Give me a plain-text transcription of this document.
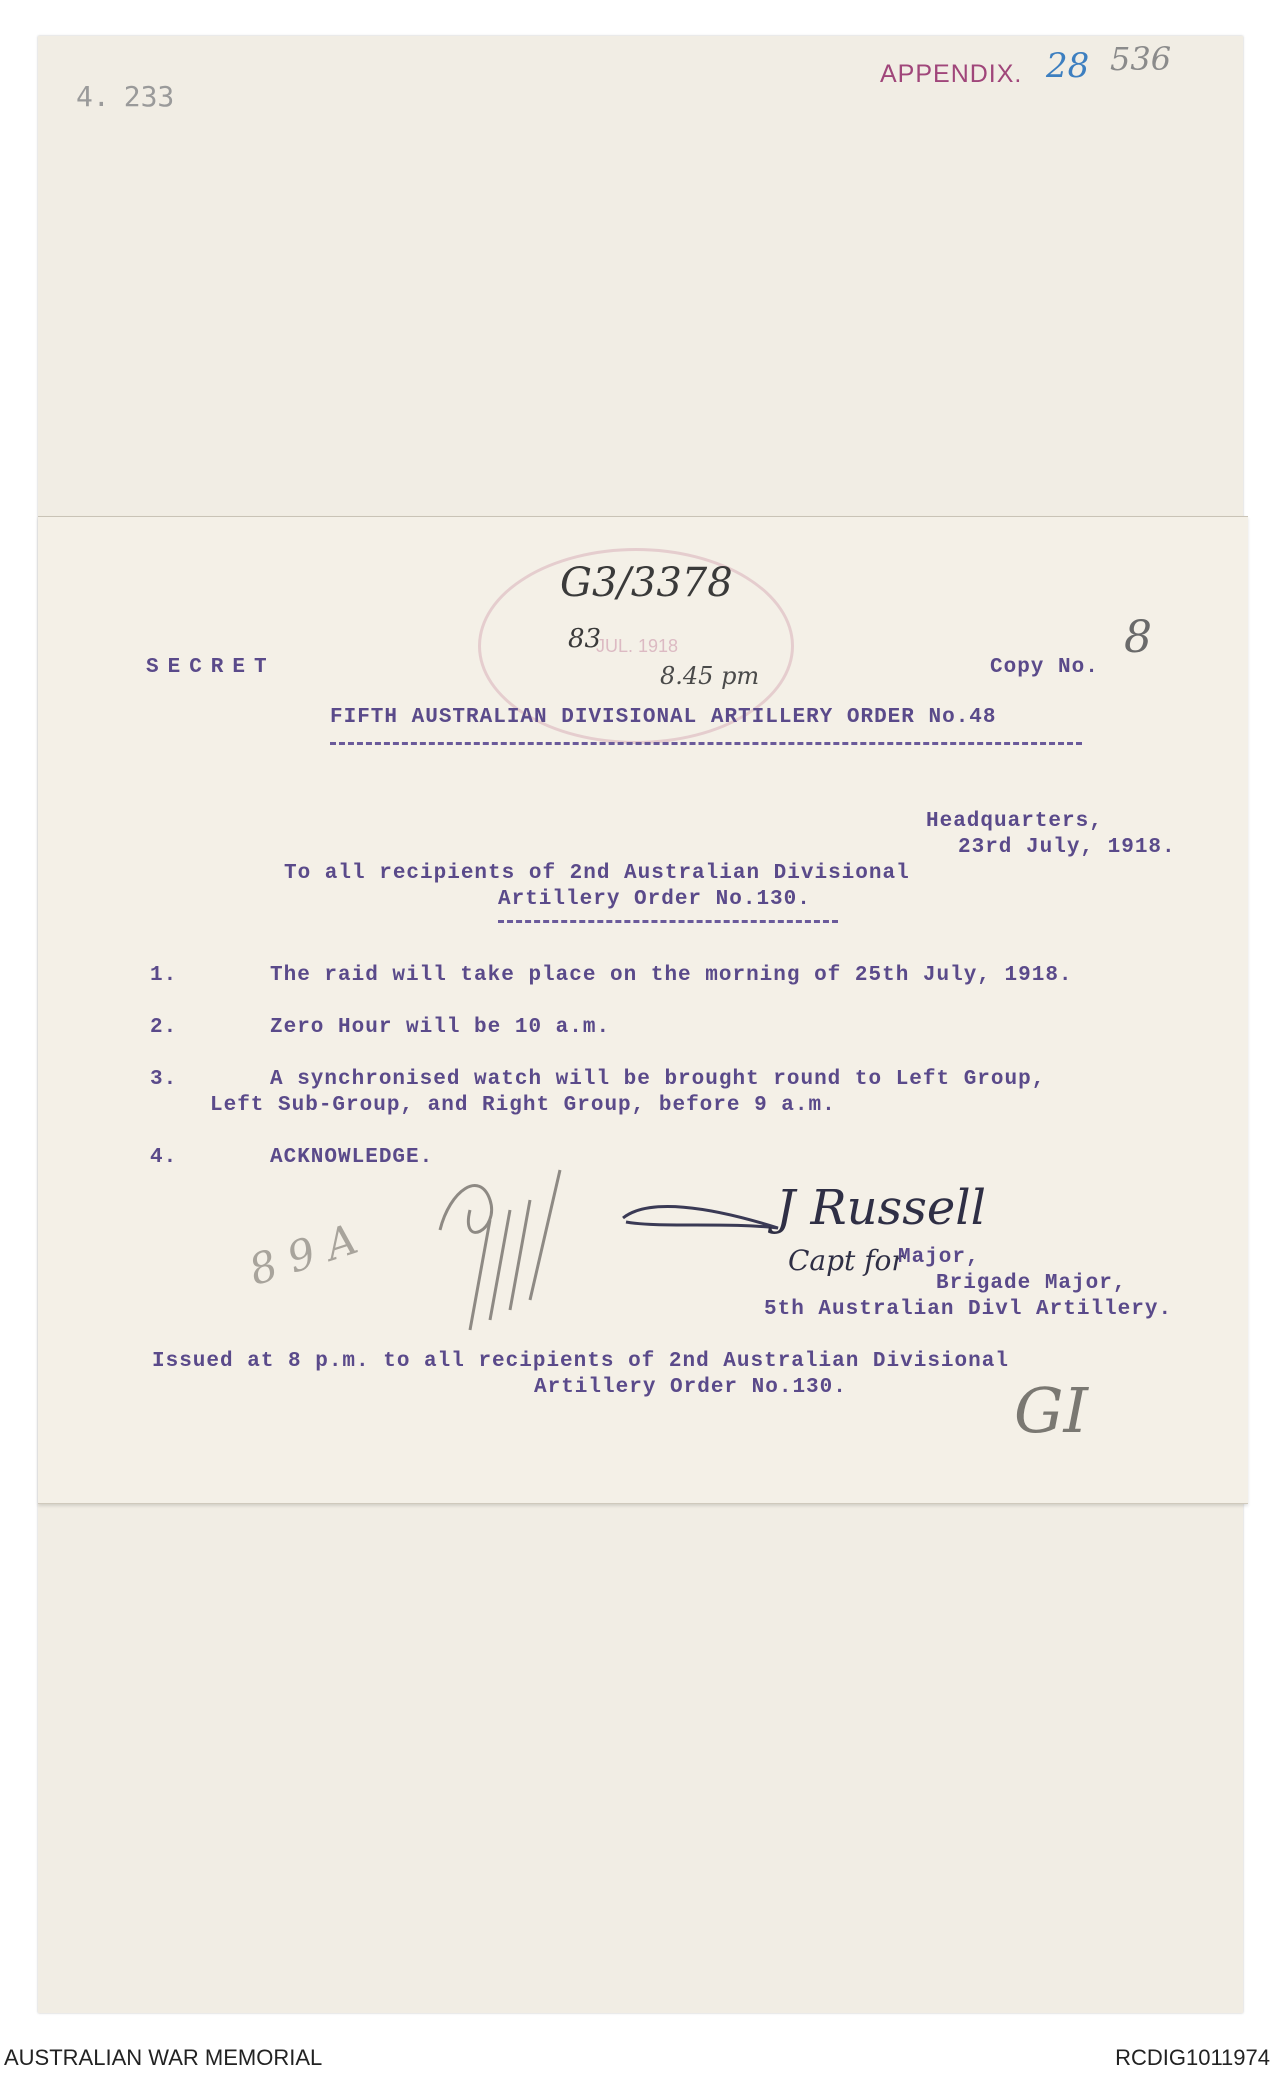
4. 233
APPENDIX. 28 536
JUL. 1918
G3/3378
83
8.45 pm
SECRET	Copy No.
8
FIFTH AUSTRALIAN DIVISIONAL ARTILLERY ORDER No.48
Headquarters,
23rd July, 1918.
To all recipients of 2nd Australian Divisional
Artillery Order No.130.
1.	The raid will take place on the morning of 25th July, 1918.
2.	Zero Hour will be 10 a.m.
3.	A synchronised watch will be brought round to Left Group,
Left Sub-Group, and Right Group, before 9 a.m.
4.	ACKNOWLEDGE.
8 9 A
J Russell
Capt for
Major,
Brigade Major,
5th Australian Divl Artillery.
Issued at 8 p.m. to all recipients of 2nd Australian Divisional
Artillery Order No.130.	GI
AUSTRALIAN WAR MEMORIAL	RCDIG1011974
